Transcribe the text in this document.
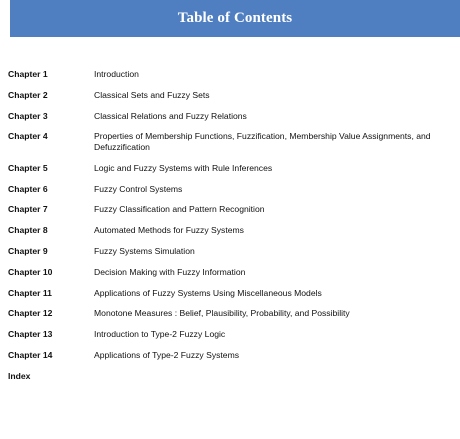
Table of Contents
Chapter 1	Introduction
Chapter 2	Classical Sets and Fuzzy Sets
Chapter 3	Classical Relations and Fuzzy Relations
Chapter 4	Properties of Membership Functions, Fuzzification, Membership Value Assignments, and Defuzzification
Chapter 5	Logic and Fuzzy Systems with Rule Inferences
Chapter 6	Fuzzy Control Systems
Chapter 7	Fuzzy Classification and Pattern Recognition
Chapter 8	Automated Methods for Fuzzy Systems
Chapter 9	Fuzzy Systems Simulation
Chapter 10	Decision Making with Fuzzy Information
Chapter 11	Applications of Fuzzy Systems Using Miscellaneous Models
Chapter 12	Monotone Measures : Belief, Plausibility, Probability, and Possibility
Chapter 13	Introduction to Type-2 Fuzzy Logic
Chapter 14	Applications of Type-2 Fuzzy Systems
Index
